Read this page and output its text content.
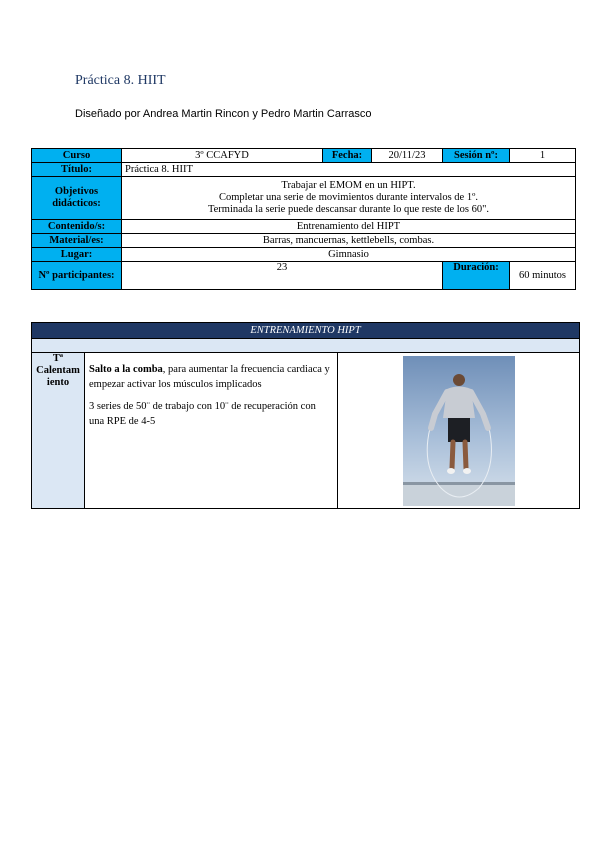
Práctica 8. HIIT

Diseñado por Andrea Martin Rincon y Pedro Martin Carrasco

Curso	3º CCAFYD	Fecha:	20/11/23	Sesión nº:	1
Título:	Práctica 8. HIIT				
Objetivos didácticos:	Trabajar el EMOM en un HIPT.
Completar una serie de movimientos durante intervalos de 1º.
Terminada la serie puede descansar durante lo que reste de los 60".				

Contenido/s:	Entrenamiento del HIPT				
Material/es:	Barras, mancuernas, kettlebells, combas.				
Lugar:	Gimnasio				
Nº participantes:	23			Duración:	60 minutos
ENTRENAMIENTO HIPT

Tª
Calentam
iento

Salto a la comba, para aumentar la frecuencia cardiaca y empezar activar los músculos implicados

3 series de 50¨ de trabajo con 10¨ de recuperación con una RPE de 4-5
